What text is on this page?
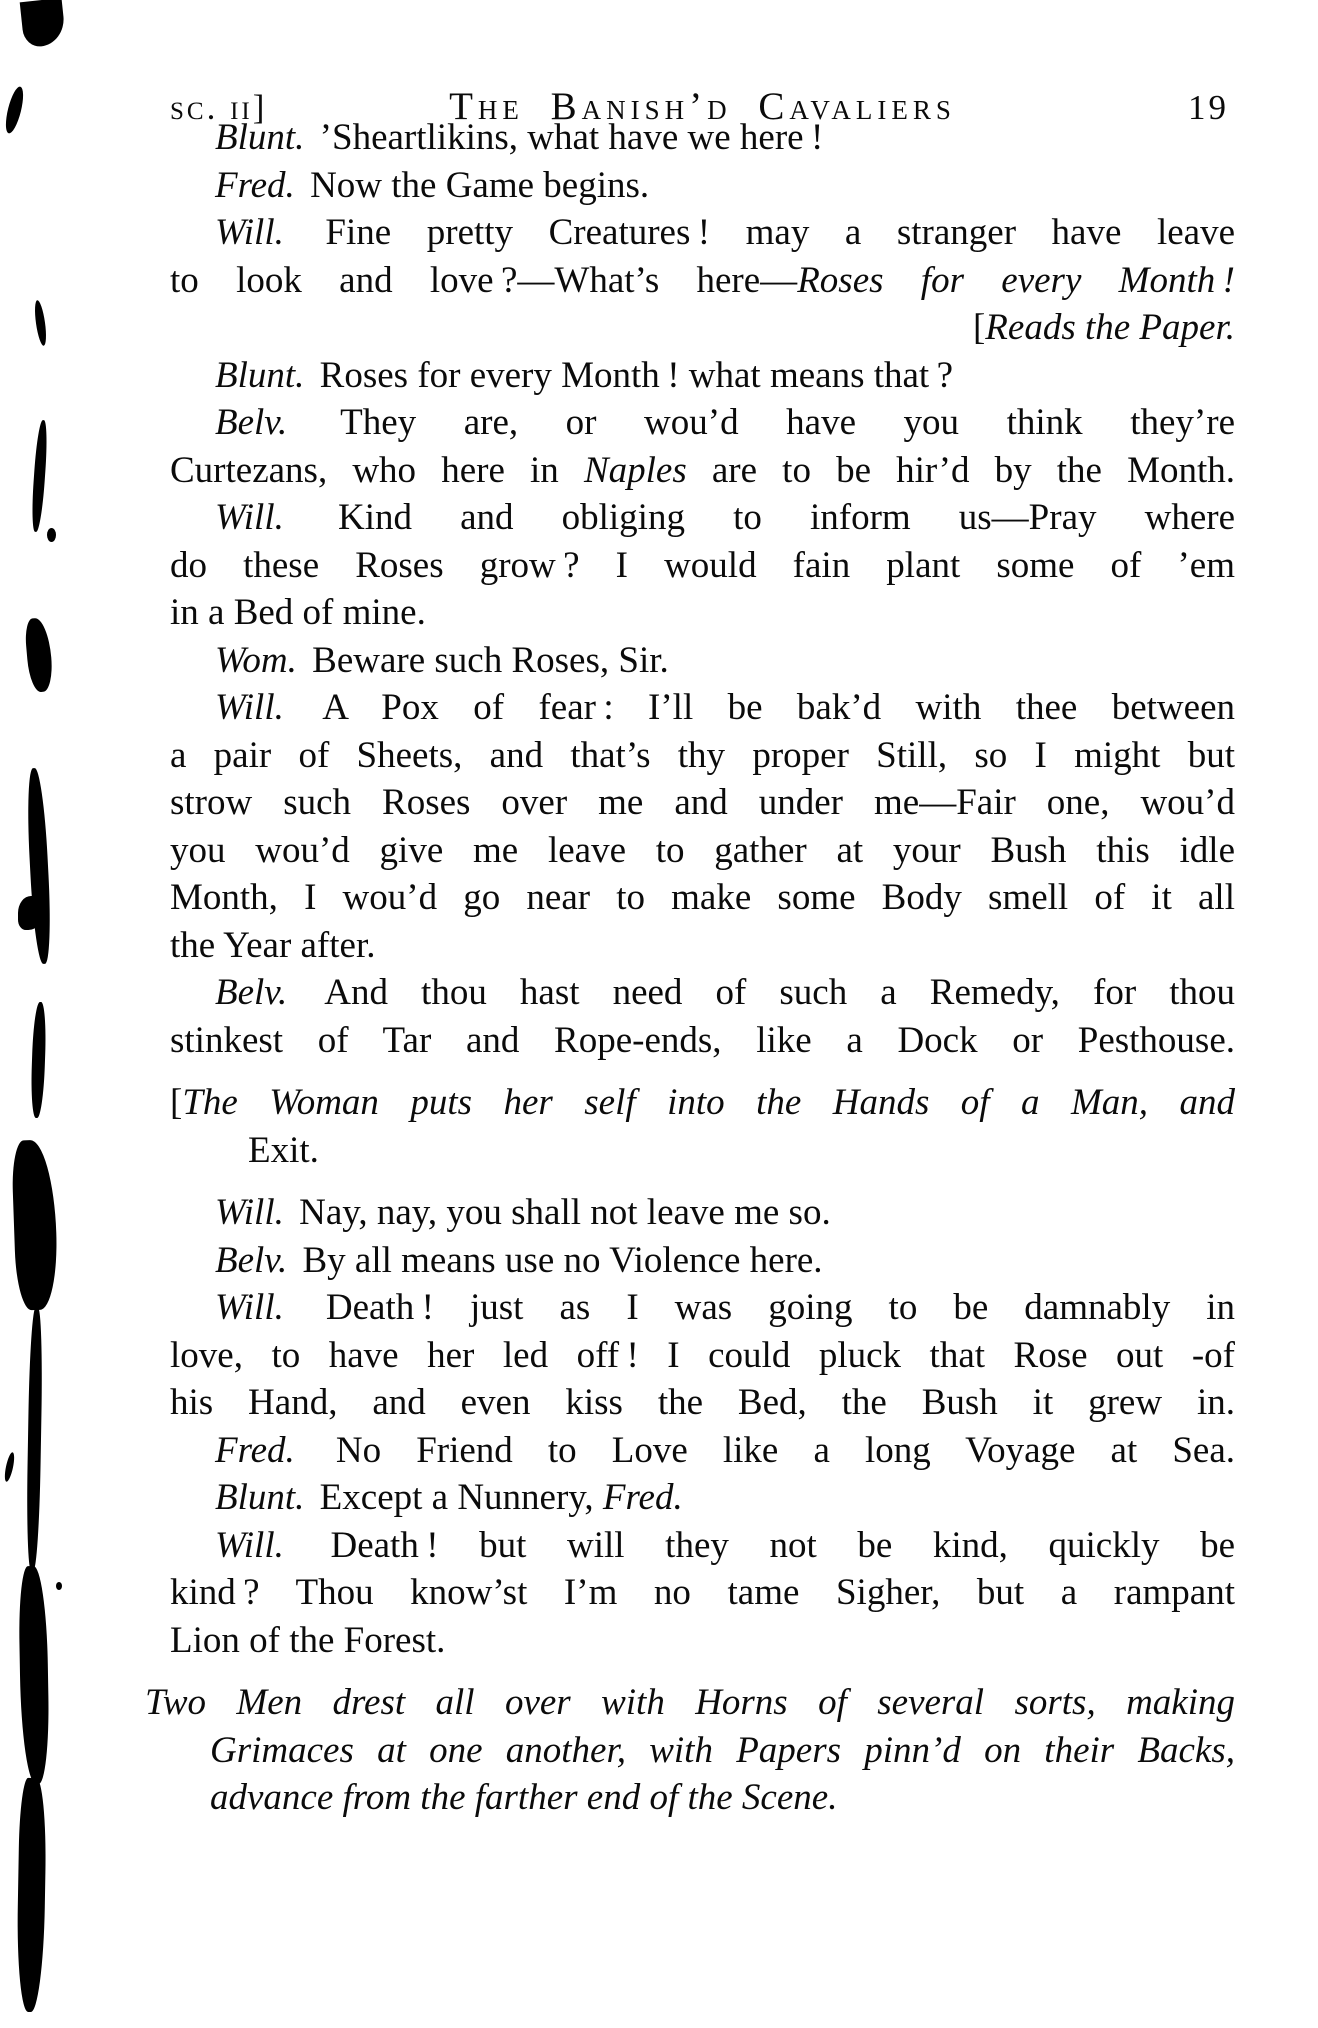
sc. ii]	The Banish’d Cavaliers	19
Blunt. ’Sheartlikins, what have we here !
Fred. Now the Game begins.
Will. Fine pretty Creatures ! may a stranger have leave
to look and love ?—What’s here—Roses for every Month !
[Reads the Paper.
Blunt. Roses for every Month ! what means that ?
Belv. They are, or wou’d have you think they’re
Curtezans, who here in Naples are to be hir’d by the Month.
Will. Kind and obliging to inform us—Pray where
do these Roses grow ? I would fain plant some of ’em
in a Bed of mine.
Wom. Beware such Roses, Sir.
Will. A Pox of fear : I’ll be bak’d with thee between
a pair of Sheets, and that’s thy proper Still, so I might but
strow such Roses over me and under me—Fair one, wou’d
you wou’d give me leave to gather at your Bush this idle
Month, I wou’d go near to make some Body smell of it all
the Year after.
Belv. And thou hast need of such a Remedy, for thou
stinkest of Tar and Rope-ends, like a Dock or Pesthouse.
[The Woman puts her self into the Hands of a Man, and
Exit.
Will. Nay, nay, you shall not leave me so.
Belv. By all means use no Violence here.
Will. Death ! just as I was going to be damnably in
love, to have her led off ! I could pluck that Rose out -of
his Hand, and even kiss the Bed, the Bush it grew in.
Fred. No Friend to Love like a long Voyage at Sea.
Blunt. Except a Nunnery, Fred.
Will. Death ! but will they not be kind, quickly be
kind ? Thou know’st I’m no tame Sigher, but a rampant
Lion of the Forest.
Two Men drest all over with Horns of several sorts, making
Grimaces at one another, with Papers pinn’d on their Backs,
advance from the farther end of the Scene.
